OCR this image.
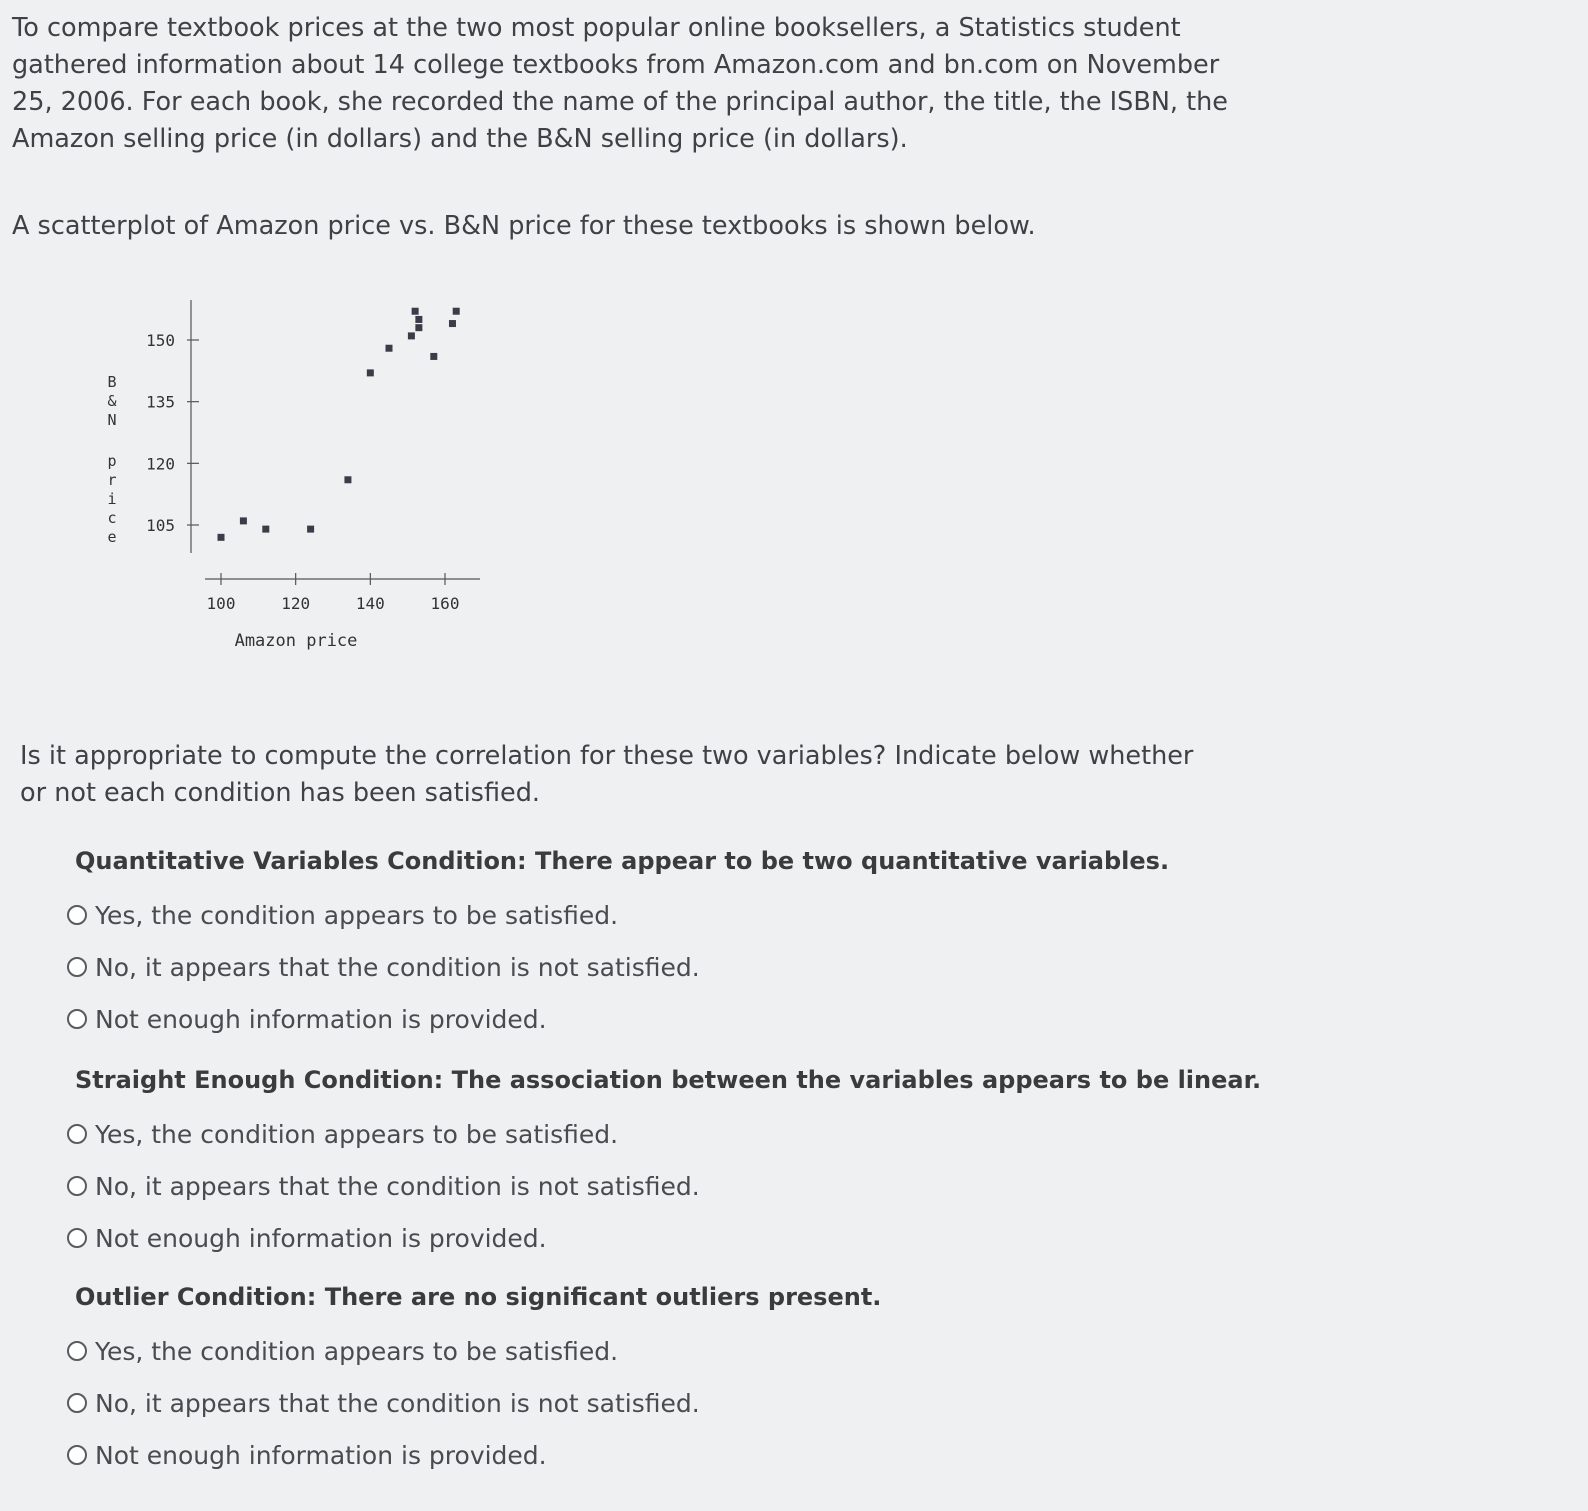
To compare textbook prices at the two most popular online booksellers, a Statistics student gathered information about 14 college textbooks from Amazon.com and bn.com on November 25, 2006. For each book, she recorded the name of the principal author, the title, the ISBN, the Amazon selling price (in dollars) and the B&N selling price (in dollars).

A scatterplot of Amazon price vs. B&N price for these textbooks is shown below.

B
&
N
p
r
i
c
e
150
135
120
105
100	120	140	160
Amazon price

Is it appropriate to compute the correlation for these two variables? Indicate below whether or not each condition has been satisfied.

Quantitative Variables Condition: There appear to be two quantitative variables.

Yes, the condition appears to be satisfied.
No, it appears that the condition is not satisfied.
Not enough information is provided.

Straight Enough Condition: The association between the variables appears to be linear.

Yes, the condition appears to be satisfied.
No, it appears that the condition is not satisfied.
Not enough information is provided.

Outlier Condition: There are no significant outliers present.

Yes, the condition appears to be satisfied.
No, it appears that the condition is not satisfied.
Not enough information is provided.
